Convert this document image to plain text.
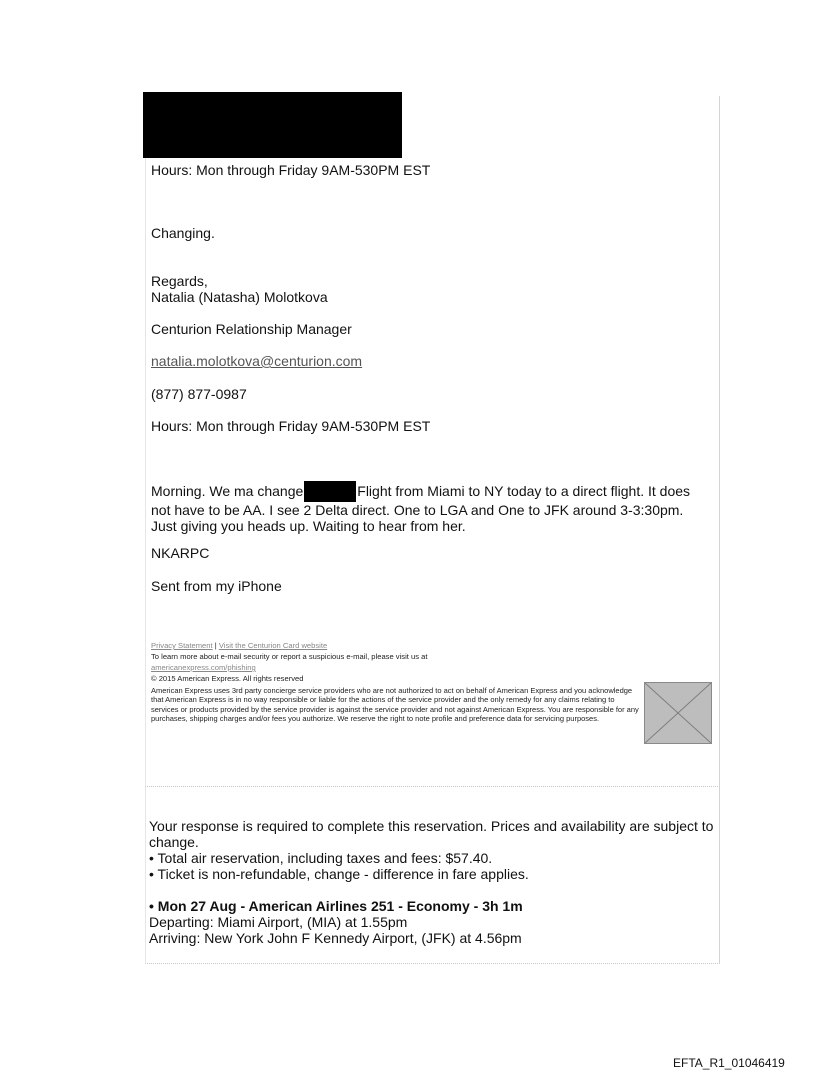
Hours: Mon through Friday 9AM-530PM EST
Changing.
Regards,
Natalia (Natasha) Molotkova
Centurion Relationship Manager
natalia.molotkova@centurion.com
(877) 877-0987
Hours: Mon through Friday 9AM-530PM EST
Morning. We ma change	Flight from Miami to NY today to a direct flight. It does not have to be AA. I see 2 Delta direct. One to LGA and One to JFK around 3-3:30pm. Just giving you heads up. Waiting to hear from her.
NKARPC
Sent from my iPhone
Privacy Statement | Visit the Centurion Card website
To learn more about e-mail security or report a suspicious e-mail, please visit us at
americanexpress.com/phishing
© 2015 American Express. All rights reserved
American Express uses 3rd party concierge service providers who are not authorized to act on behalf of American Express and you acknowledge that American Express is in no way responsible or liable for the actions of the service provider and the only remedy for any claims relating to services or products provided by the service provider is against the service provider and not against American Express. You are responsible for any purchases, shipping charges and/or fees you authorize. We reserve the right to note profile and preference data for servicing purposes.
Your response is required to complete this reservation. Prices and availability are subject to change.
• Total air reservation, including taxes and fees: $57.40.
• Ticket is non-refundable, change - difference in fare applies.
• Mon 27 Aug - American Airlines 251 - Economy - 3h 1m
Departing: Miami Airport, (MIA) at 1.55pm
Arriving: New York John F Kennedy Airport, (JFK) at 4.56pm
EFTA_R1_01046419
